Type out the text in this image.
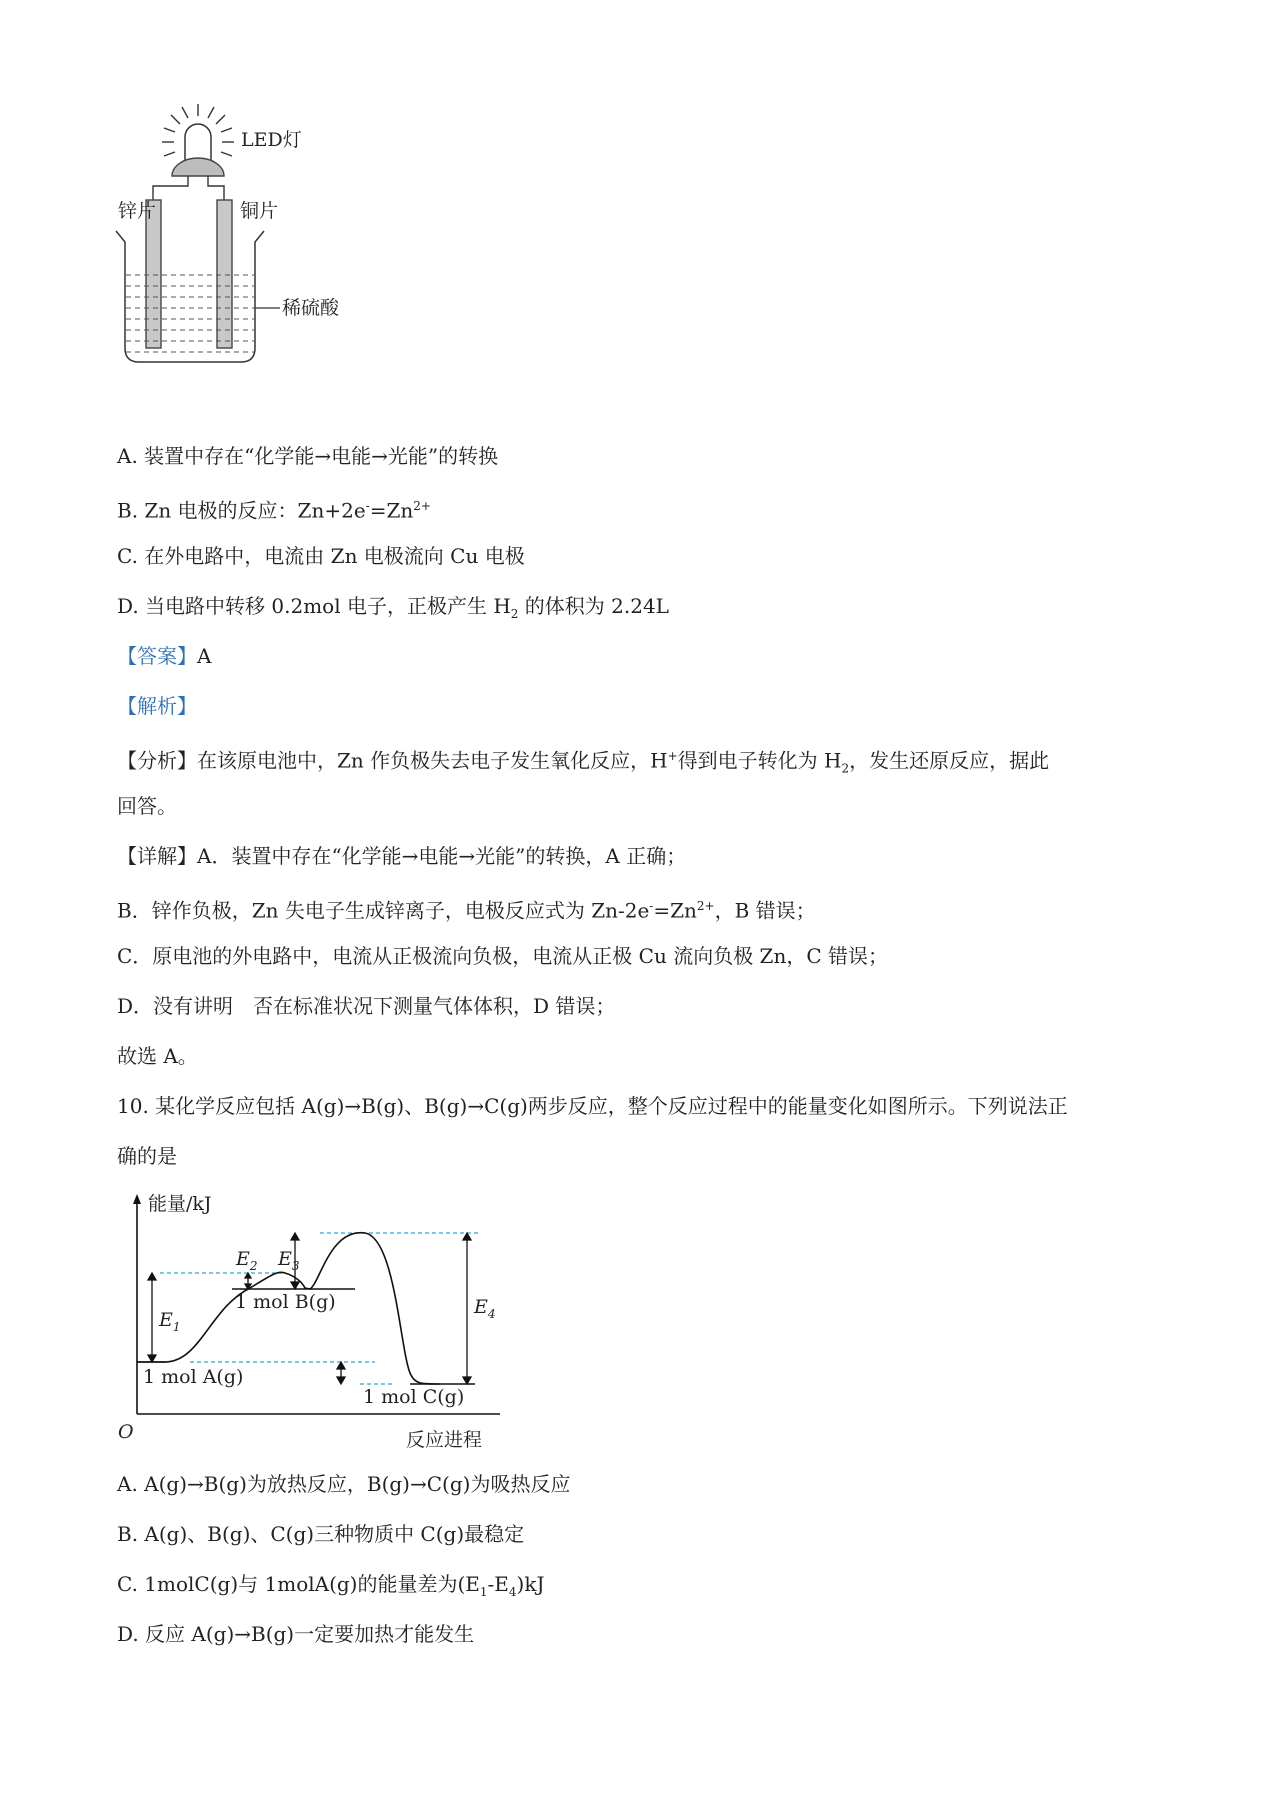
LED灯
锌片	铜片
稀硫酸
A. 装置中存在“化学能→电能→光能”的转换
B. Zn 电极的反应：$Zn+2e^-=Zn^{2+}$
C. 在外电路中，电流由 Zn 电极流向 Cu 电极
D. 当电路中转移 0.2mol 电子，正极产生 $H_2$ 的体积为 2.24L
【答案】A
【解析】
【分析】在该原电池中，Zn 作负极失去电子发生氧化反应，H+得到电子转化为 $H_2$，发生还原反应，据此
回答。
【详解】A．装置中存在“化学能→电能→光能”的转换，A 正确；
B．锌作负极，Zn 失电子生成锌离子，电极反应式为 $Zn-2e^-=Zn^{2+}$，B 错误；
C．原电池的外电路中，电流从正极流向负极，电流从正极 Cu 流向负极 Zn，C 错误；
D．没有讲明　否在标准状况下测量气体体积，D 错误；
故选 A。
10. 某化学反应包括 A(g)→B(g)、B(g)→C(g)两步反应，整个反应过程中的能量变化如图所示。下列说法正
确的是
能量/kJ
反应进程
O
1 mol A(g)
1 mol B(g)
1 mol C(g)
$E_1$
$E_2$ $E_3$
$E_4$
A. A(g)→B(g)为放热反应，B(g)→C(g)为吸热反应
B. A(g)、B(g)、C(g)三种物质中 C(g)最稳定
C. 1molC(g)与 1molA(g)的能量差为$(E_1-E_4)kJ$
D. 反应 A(g)→B(g)一定要加热才能发生
